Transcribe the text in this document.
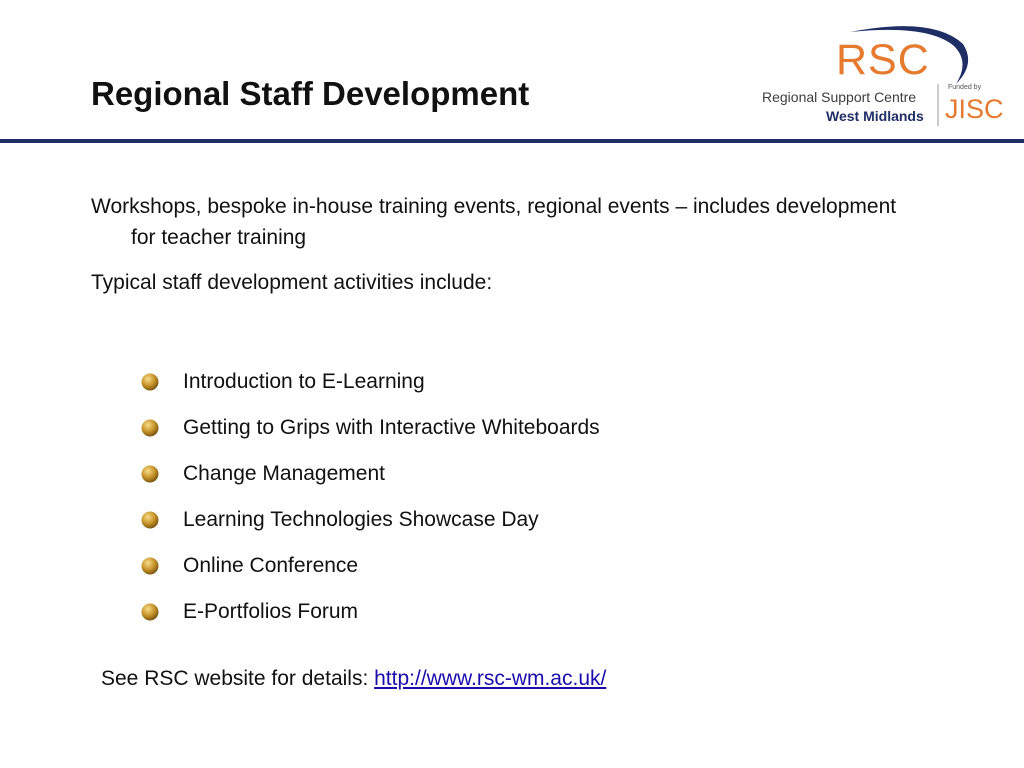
Regional Staff Development
RSC
Regional Support Centre
West Midlands
Funded by
JISC

Workshops, bespoke in-house training events, regional events – includes development for teacher training

Typical staff development activities include:

Introduction to E-Learning
Getting to Grips with Interactive Whiteboards
Change Management
Learning Technologies Showcase Day
Online Conference
E-Portfolios Forum

See RSC website for details: http://www.rsc-wm.ac.uk/
